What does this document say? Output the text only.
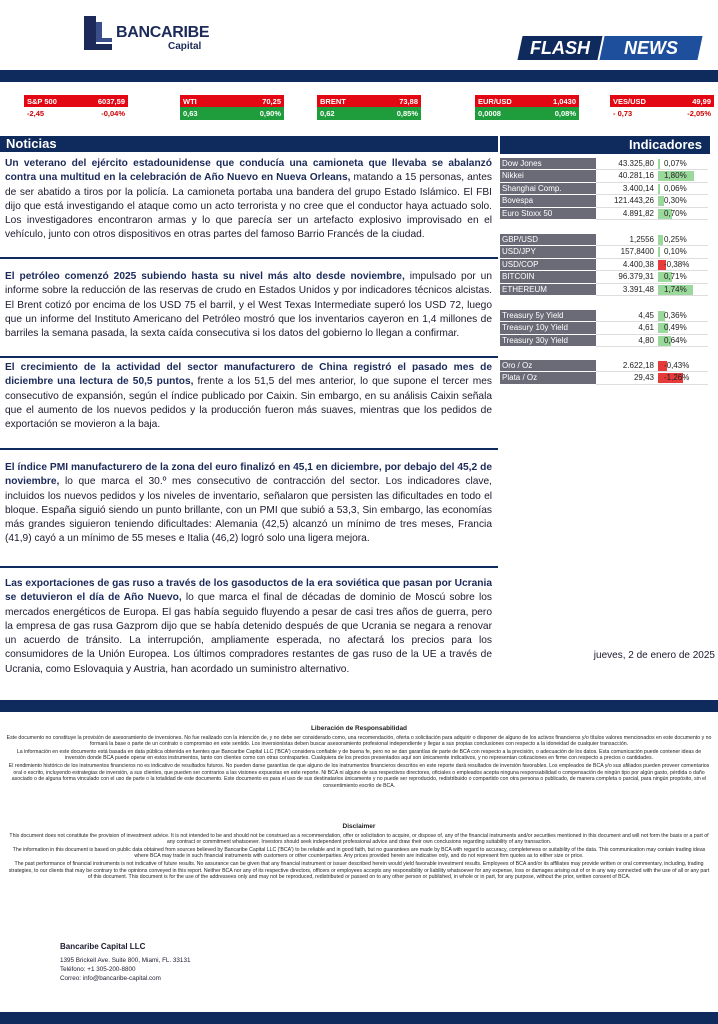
BANCARIBE
Capital	FLASH	NEWS
S&P 500	6037,59
-2,45	-0,04%
WTI	70,25
0,63	0,90%
BRENT	73,88
0,62	0,85%
EUR/USD	1,0430
0,0008	0,08%
VES/USD	49,99
- 0,73	-2,05%
Noticias	Indicadores
Un veterano del ejército estadounidense que conducía una camioneta que llevaba se abalanzó contra una multitud en la celebración de Año Nuevo en Nueva Orleans, matando a 15 personas, antes de ser abatido a tiros por la policía. La camioneta portaba una bandera del grupo Estado Islámico. El FBI dijo que está investigando el ataque como un acto terrorista y no cree que el conductor haya actuado solo. Los investigadores encontraron armas y lo que parecía ser un artefacto explosivo improvisado en el vehículo, junto con otros dispositivos en otras partes del famoso Barrio Francés de la ciudad.
El petróleo comenzó 2025 subiendo hasta su nivel más alto desde noviembre, impulsado por un informe sobre la reducción de las reservas de crudo en Estados Unidos y por indicadores técnicos alcistas. El Brent cotizó por encima de los USD 75 el barril, y el West Texas Intermediate superó los USD 72, luego que un informe del Instituto Americano del Petróleo mostró que los inventarios cayeron en 1,4 millones de barriles la semana pasada, la sexta caída consecutiva si los datos del gobierno lo llegan a confirmar.
El crecimiento de la actividad del sector manufacturero de China registró el pasado mes de diciembre una lectura de 50,5 puntos, frente a los 51,5 del mes anterior, lo que supone el tercer mes consecutivo de expansión, según el índice publicado por Caixin. Sin embargo, en su análisis Caixin señala que el aumento de los nuevos pedidos y la producción fueron más suaves, mientras que los pedidos de exportación se movieron a la baja.
El índice PMI manufacturero de la zona del euro finalizó en 45,1 en diciembre, por debajo del 45,2 de noviembre, lo que marca el 30.º mes consecutivo de contracción del sector. Los indicadores clave, incluidos los nuevos pedidos y los niveles de inventario, señalaron que persisten las dificultades en todo el bloque. España siguió siendo un punto brillante, con un PMI que subió a 53,3, Sin embargo, las economías más grandes siguieron teniendo dificultades: Alemania (42,5) alcanzó un mínimo de tres meses, Francia (41,9) cayó a un mínimo de 55 meses e Italia (46,2) logró solo una ligera mejora.
Las exportaciones de gas ruso a través de los gasoductos de la era soviética que pasan por Ucrania se detuvieron el día de Año Nuevo, lo que marca el final de décadas de dominio de Moscú sobre los mercados energéticos de Europa. El gas había seguido fluyendo a pesar de casi tres años de guerra, pero la empresa de gas rusa Gazprom dijo que se había detenido después de que Ucrania se negara a renovar un acuerdo de tránsito. La interrupción, ampliamente esperada, no afectará los precios para los consumidores de la Unión Europea. Los últimos compradores restantes de gas ruso de la UE a través de Ucrania, como Eslovaquia y Austria, han acordado un suministro alternativo.
Dow Jones	43.325,80	0,07%
Nikkei	40.281,16	1,80%
Shanghai Comp.	3.400,14	0,06%
Bovespa	121.443,26	0,30%
Euro Stoxx 50	4.891,82	0,70%
GBP/USD	1,2556	0,25%
USD/JPY	157,8400	0,10%
USD/COP	4.400,38	-0,38%
BITCOIN	96.379,31	0,71%
ETHEREUM	3.391,48	1,74%
Treasury 5y Yield	4,45	0,36%
Treasury 10y Yield	4,61	0,49%
Treasury 30y Yield	4,80	0,64%
Oro / Oz	2.622,18	-0,43%
Plata / Oz	29,43	-1,26%
jueves, 2 de enero de 2025
Liberación de Responsabilidad

Este documento no constituye la provisión de asesoramiento de inversiones. No fue realizado con la intención de, y no debe ser considerado como, una recomendación, oferta o solicitación para adquirir o disponer de alguno de los activos financieros y/o títulos valores mencionados en este documento y no formará la base o parte de un contrato o compromiso en este sentido. Los inversionistas deben buscar asesoramiento profesional independiente y llegar a sus propias conclusiones con respecto a la idoneidad de cualquier transacción.

La información en este documento está basada en data pública obtenida en fuentes que Bancaribe Capital LLC ('BCA') considera confiable y de buena fe, pero no se dan garantías de parte de BCA con respecto a la precisión, o adecuación de los datos. Esta comunicación puede contener ideas de inversión donde BCA puede operar en estos instrumentos, tanto con clientes como con otras contrapartes. Cualquiera de los precios presentados aquí son únicamente indicativos, y no representan cotizaciones en firme con respecto a precios o cantidades.

El rendimiento histórico de los instrumentos financieros no es indicativo de resultados futuros. No pueden darse garantías de que alguno de los instrumentos financieros descritos en este reporte dará resultados de inversión favorables. Los empleados de BCA y/o sus afiliados pueden proveer comentarios oral o escrito, incluyendo estrategias de inversión, a sus clientes, que pueden ser contrarios a las visiones expuestas en este reporte. Ni BCA ni alguno de sus respectivos directores, oficiales o empleados acepta ninguna responsabilidad o compensación de ningún tipo por algún gasto, pérdida o daño asociado o de alguna forma vinculado con el uso de parte o la totalidad de este documento. Este documento es para el uso de sus destinatarios únicamente y no puede ser reproducido, redistribuido o compartido con otra persona o publicado, de manera completa o parcial, para ningún propósito, sin el consentimiento escrito de BCA.

Disclaimer

This document does not constitute the provision of investment advice. It is not intended to be and should not be construed as a recommendation, offer or solicitation to acquire, or dispose of, any of the financial instruments and/or securities mentioned in this document and will not form the basis or a part of any contract or commitment whatsoever. Investors should seek independent professional advice and draw their own conclusions regarding suitability of any transaction.

The information in this document is based on public data obtained from sources believed by Bancaribe Capital LLC ('BCA') to be reliable and in good faith, but no guarantees are made by BCA with regard to accuracy, completeness or suitability of the data. This communication may contain trading ideas where BCA may trade in such financial instruments with customers or other counterparties. Any prices provided herein are indicative only, and do not represent firm quotes as to either size or price.

The past performance of financial instruments is not indicative of future results. No assurance can be given that any financial instrument or issuer described herein would yield favorable investment results. Employees of BCA and/or its affiliates may provide written or oral commentary, including, trading strategies, to our clients that may be contrary to the opinions conveyed in this report. Neither BCA nor any of its respective directors, officers or employees accepts any responsibility or liability whatsoever for any expense, loss or damages arising out of or in any way connected with the use of all or any part of this document. This document is for the use of the addressees only and may not be reproduced, redistributed or passed on to any other person or published, in whole or in part, for any purpose, without the prior, written consent of BCA.

Bancaribe Capital LLC
1395 Brickell Ave. Suite 800, Miami, FL. 33131
Teléfono: +1 305-200-8800
Correo: info@bancaribe-capital.com
